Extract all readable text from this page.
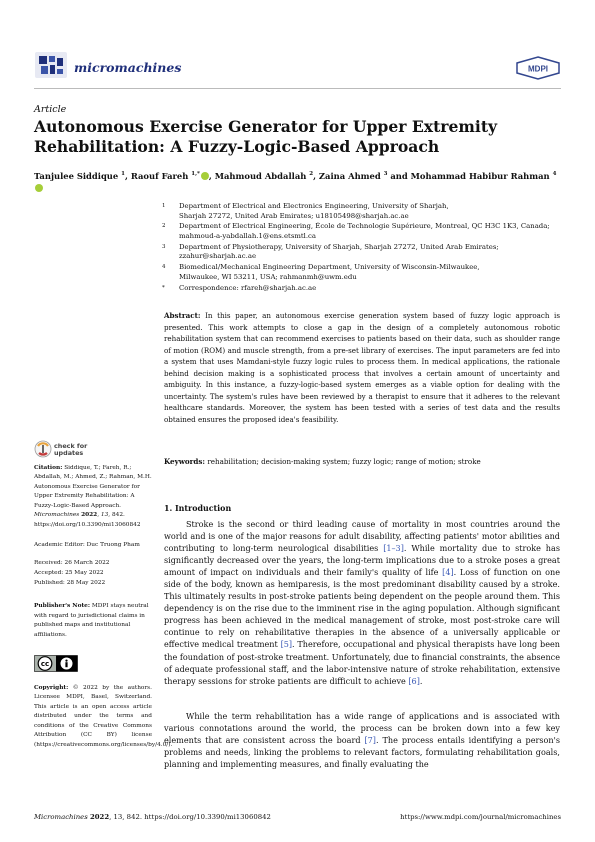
micromachines	MDPI
Article
Autonomous Exercise Generator for Upper Extremity Rehabilitation: A Fuzzy-Logic-Based Approach
Tanjulee Siddique $^1$, Raouf Fareh $^{1,*}$ , Mahmoud Abdallah $^2$, Zaina Ahmed $^3$ and Mohammad Habibur Rahman $^4$
1	Department of Electrical and Electronics Engineering, University of Sharjah,
Sharjah 27272, United Arab Emirates; u18105498@sharjah.ac.ae
2	Department of Electrical Engineering, École de Technologie Supérieure, Montreal, QC H3C 1K3, Canada;
mahmoud-a-yabdallah.1@ens.etsmtl.ca
3	Department of Physiotherapy, University of Sharjah, Sharjah 27272, United Arab Emirates;
zzahur@sharjah.ac.ae
4	Biomedical/Mechanical Engineering Department, University of Wisconsin-Milwaukee,
Milwaukee, WI 53211, USA; rahmanmh@uwm.edu
*	Correspondence: rfareh@sharjah.ac.ae
Abstract: In this paper, an autonomous exercise generation system based of fuzzy logic approach is presented. This work attempts to close a gap in the design of a completely autonomous robotic rehabilitation system that can recommend exercises to patients based on their data, such as shoulder range of motion (ROM) and muscle strength, from a pre-set library of exercises. The input parameters are fed into a system that uses Mamdani-style fuzzy logic rules to process them. In medical applications, the rationale behind decision making is a sophisticated process that involves a certain amount of uncertainty and ambiguity. In this instance, a fuzzy-logic-based system emerges as a viable option for dealing with the uncertainty. The system's rules have been reviewed by a therapist to ensure that it adheres to the relevant healthcare standards. Moreover, the system has been tested with a series of test data and the results obtained ensures the proposed idea's feasibility.
Keywords: rehabilitation; decision-making system; fuzzy logic; range of motion; stroke
check for updates
Citation: Siddique, T.; Fareh, R.; Abdallah, M.; Ahmed, Z.; Rahman, M.H. Autonomous Exercise Generator for Upper Extremity Rehabilitation: A Fuzzy-Logic-Based Approach. Micromachines 2022, 13, 842. https://doi.org/10.3390/mi13060842
Academic Editor: Duc Truong Pham
Received: 26 March 2022
Accepted: 25 May 2022
Published: 28 May 2022
Publisher's Note: MDPI stays neutral with regard to jurisdictional claims in published maps and institutional affiliations.
cc
Copyright: © 2022 by the authors. Licensee MDPI, Basel, Switzerland. This article is an open access article distributed under the terms and conditions of the Creative Commons Attribution (CC BY) license (https://creativecommons.org/licenses/by/4.0/).
1. Introduction
Stroke is the second or third leading cause of mortality in most countries around the world and is one of the major reasons for adult disability, affecting patients' motor abilities and contributing to long-term neurological disabilities [1–3]. While mortality due to stroke has significantly decreased over the years, the long-term implications due to a stroke poses a great amount of impact on individuals and their family's quality of life [4]. Loss of function on one side of the body, known as hemiparesis, is the most predominant disability caused by a stroke. This ultimately results in post-stroke patients being dependent on the people around them. This dependency is on the rise due to the imminent rise in the aging population. Although significant progress has been achieved in the medical management of stroke, most post-stroke care will continue to rely on rehabilitative therapies in the absence of a universally applicable or effective medical treatment [5]. Therefore, occupational and physical therapists have long been the foundation of post-stroke treatment. Unfortunately, due to financial constraints, the absence of adequate professional staff, and the labor-intensive nature of stroke rehabilitation, extensive therapy sessions for stroke patients are difficult to achieve [6].
While the term rehabilitation has a wide range of applications and is associated with various connotations around the world, the process can be broken down into a few key elements that are consistent across the board [7]. The process entails identifying a person's problems and needs, linking the problems to relevant factors, formulating rehabilitation goals, planning and implementing measures, and finally evaluating the
Micromachines 2022, 13, 842. https://doi.org/10.3390/mi13060842	https://www.mdpi.com/journal/micromachines
